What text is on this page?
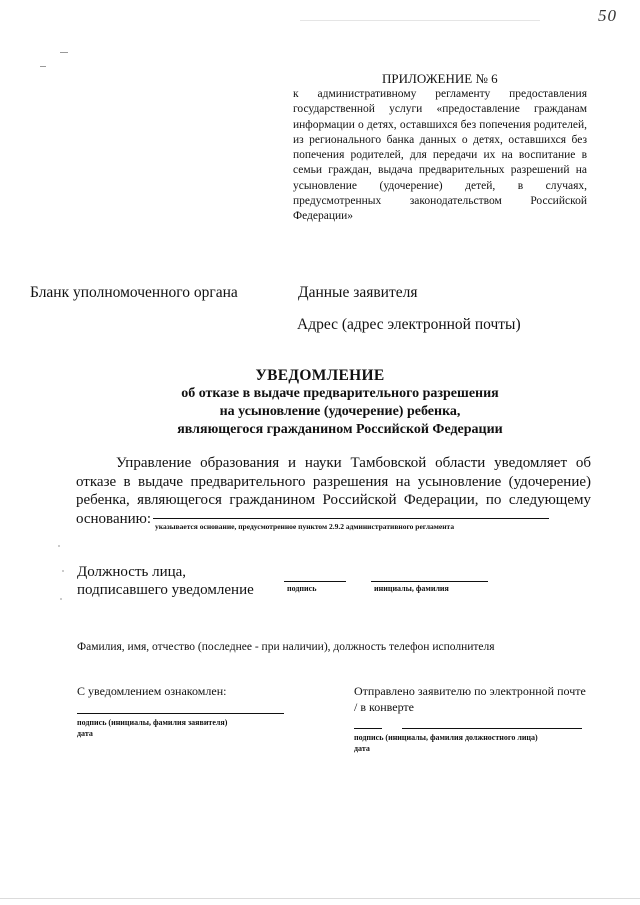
50
ПРИЛОЖЕНИЕ № 6
к административному регламенту предоставления государственной услуги «предоставление гражданам информации о детях, оставшихся без попечения родителей, из регионального банка данных о детях, оставшихся без попечения родителей, для передачи их на воспитание в семьи граждан, выдача предварительных разрешений на усыновление (удочерение) детей, в случаях, предусмотренных законодательством Российской Федерации»
Бланк уполномоченного органа	Данные заявителя
Адрес (адрес электронной почты)
УВЕДОМЛЕНИЕ
об отказе в выдаче предварительного разрешения
на усыновление (удочерение) ребенка,
являющегося гражданином Российской Федерации
Управление образования и науки Тамбовской области уведомляет об отказе в выдаче предварительного разрешения на усыновление (удочерение) ребенка, являющегося гражданином Российской Федерации, по следующему основанию: указывается основание, предусмотренное пунктом 2.9.2 административного регламента
Должность лица,
подписавшего уведомление	подпись	инициалы, фамилия
Фамилия, имя, отчество (последнее - при наличии), должность телефон исполнителя
С уведомлением ознакомлен:
подпись (инициалы, фамилия заявителя)
дата
Отправлено заявителю по электронной почте
/ в конверте
подпись (инициалы, фамилия должностного лица)
дата
